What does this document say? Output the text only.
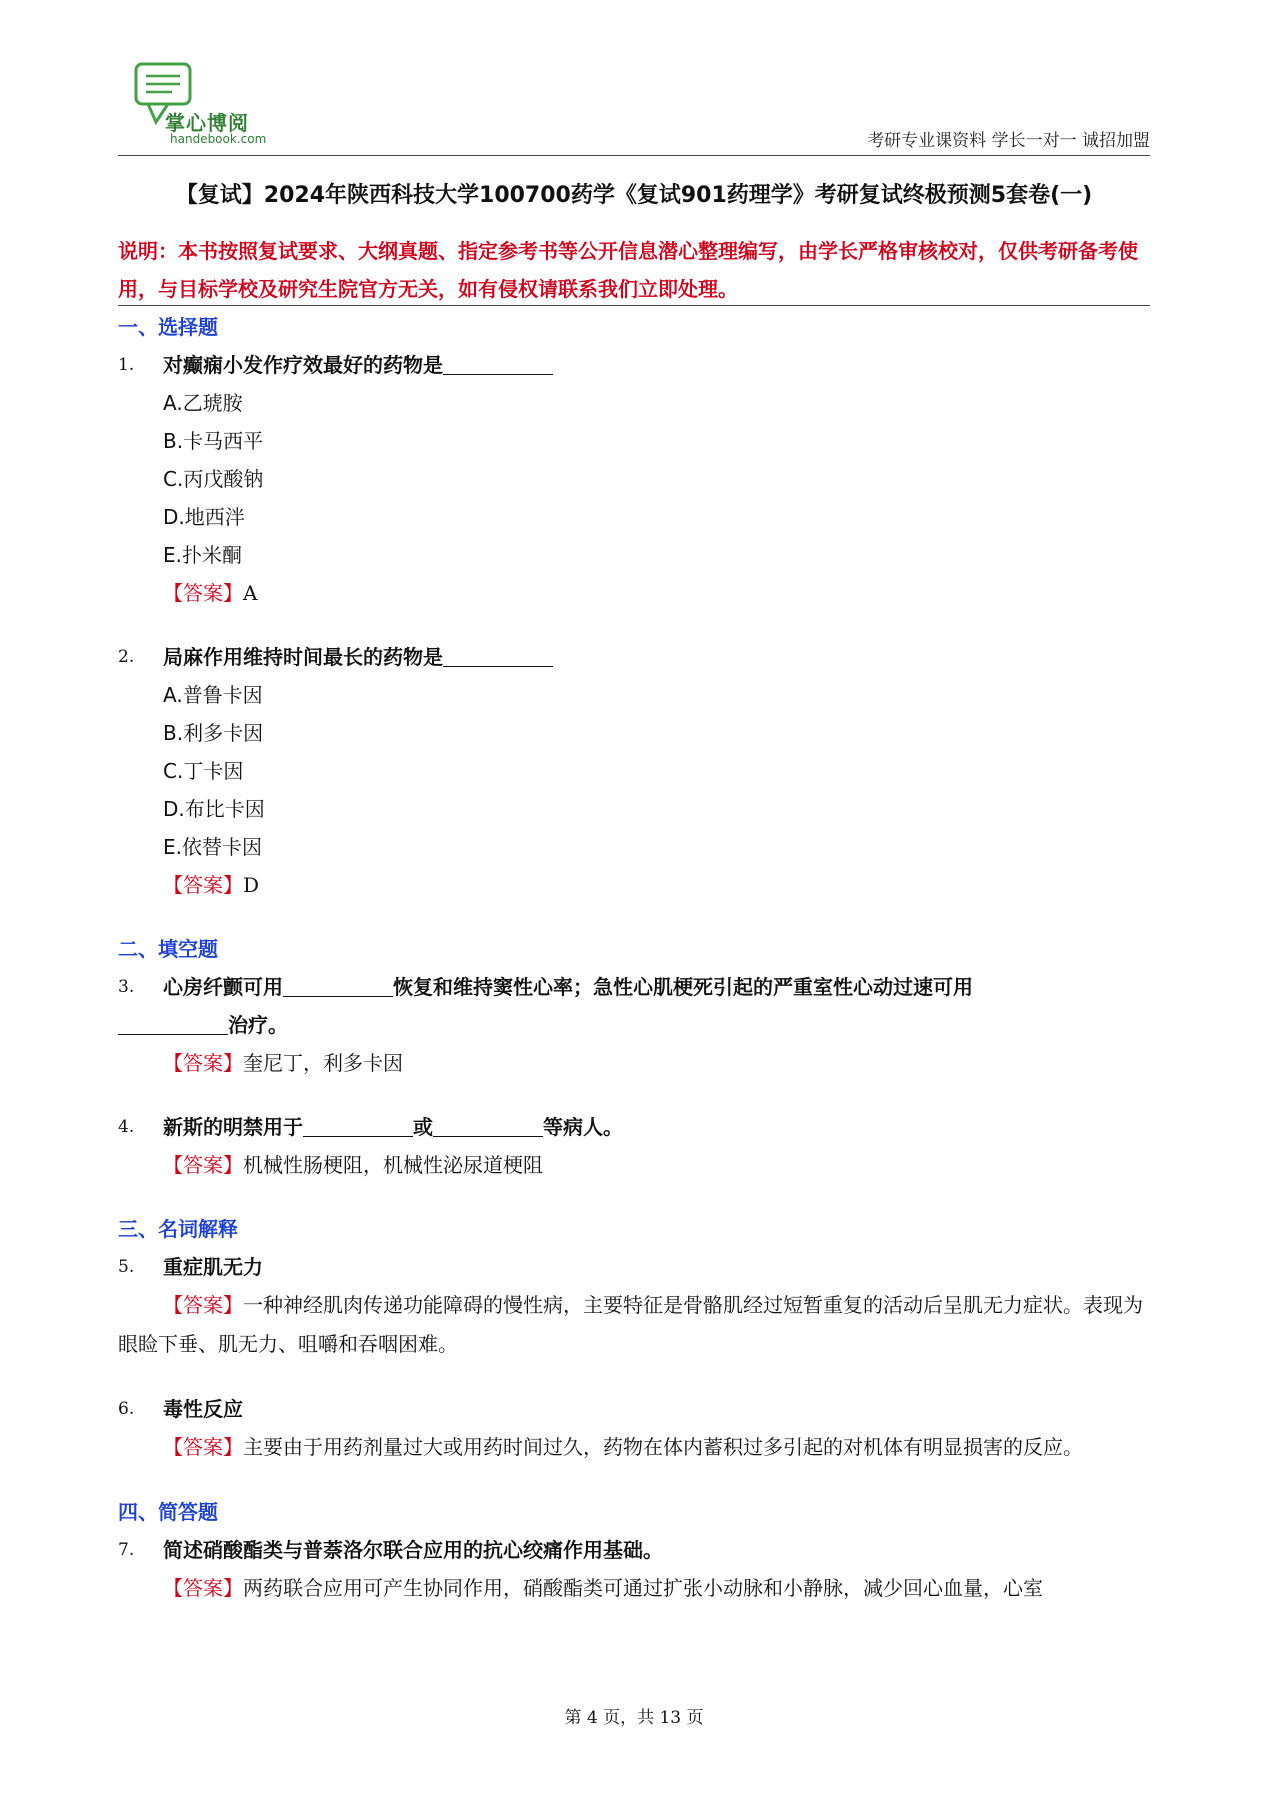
掌心博阅
handebook.com	考研专业课资料 学长一对一 诚招加盟
【复试】2024年陕西科技大学100700药学《复试901药理学》考研复试终极预测5套卷(一)
说明：本书按照复试要求、大纲真题、指定参考书等公开信息潜心整理编写，由学长严格审核校对，仅供考研备考使用，与目标学校及研究生院官方无关，如有侵权请联系我们立即处理。
一、选择题
1.	对癫痫小发作疗效最好的药物是
A.乙琥胺
B.卡马西平
C.丙戊酸钠
D.地西泮
E.扑米酮
【答案】A
2.	局麻作用维持时间最长的药物是
A.普鲁卡因
B.利多卡因
C.丁卡因
D.布比卡因
E.依替卡因
【答案】D
二、填空题
3.	心房纤颤可用	恢复和维持窦性心率；急性心肌梗死引起的严重室性心动过速可用
治疗。
【答案】奎尼丁，利多卡因
4.	新斯的明禁用于	或	等病人。
【答案】机械性肠梗阻，机械性泌尿道梗阻
三、名词解释
5.	重症肌无力
【答案】一种神经肌肉传递功能障碍的慢性病，主要特征是骨骼肌经过短暂重复的活动后呈肌无力症状。表现为眼睑下垂、肌无力、咀嚼和吞咽困难。
6.	毒性反应
【答案】主要由于用药剂量过大或用药时间过久，药物在体内蓄积过多引起的对机体有明显损害的反应。
四、简答题
7.	简述硝酸酯类与普萘洛尔联合应用的抗心绞痛作用基础。
【答案】两药联合应用可产生协同作用，硝酸酯类可通过扩张小动脉和小静脉，减少回心血量，心室
第 4 页，共 13 页
